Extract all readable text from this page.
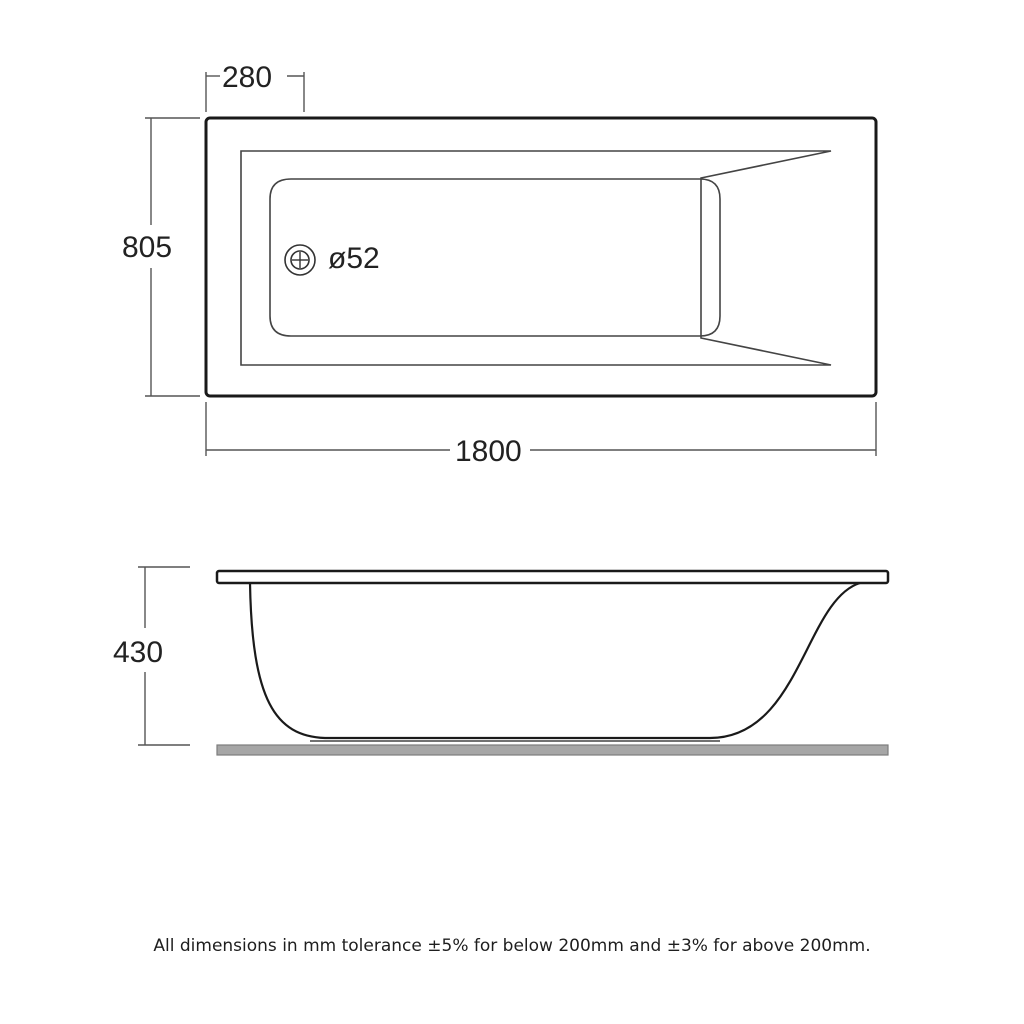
ø52
280
805
1800
430
All dimensions in mm tolerance ±5% for below 200mm and ±3% for above 200mm.
